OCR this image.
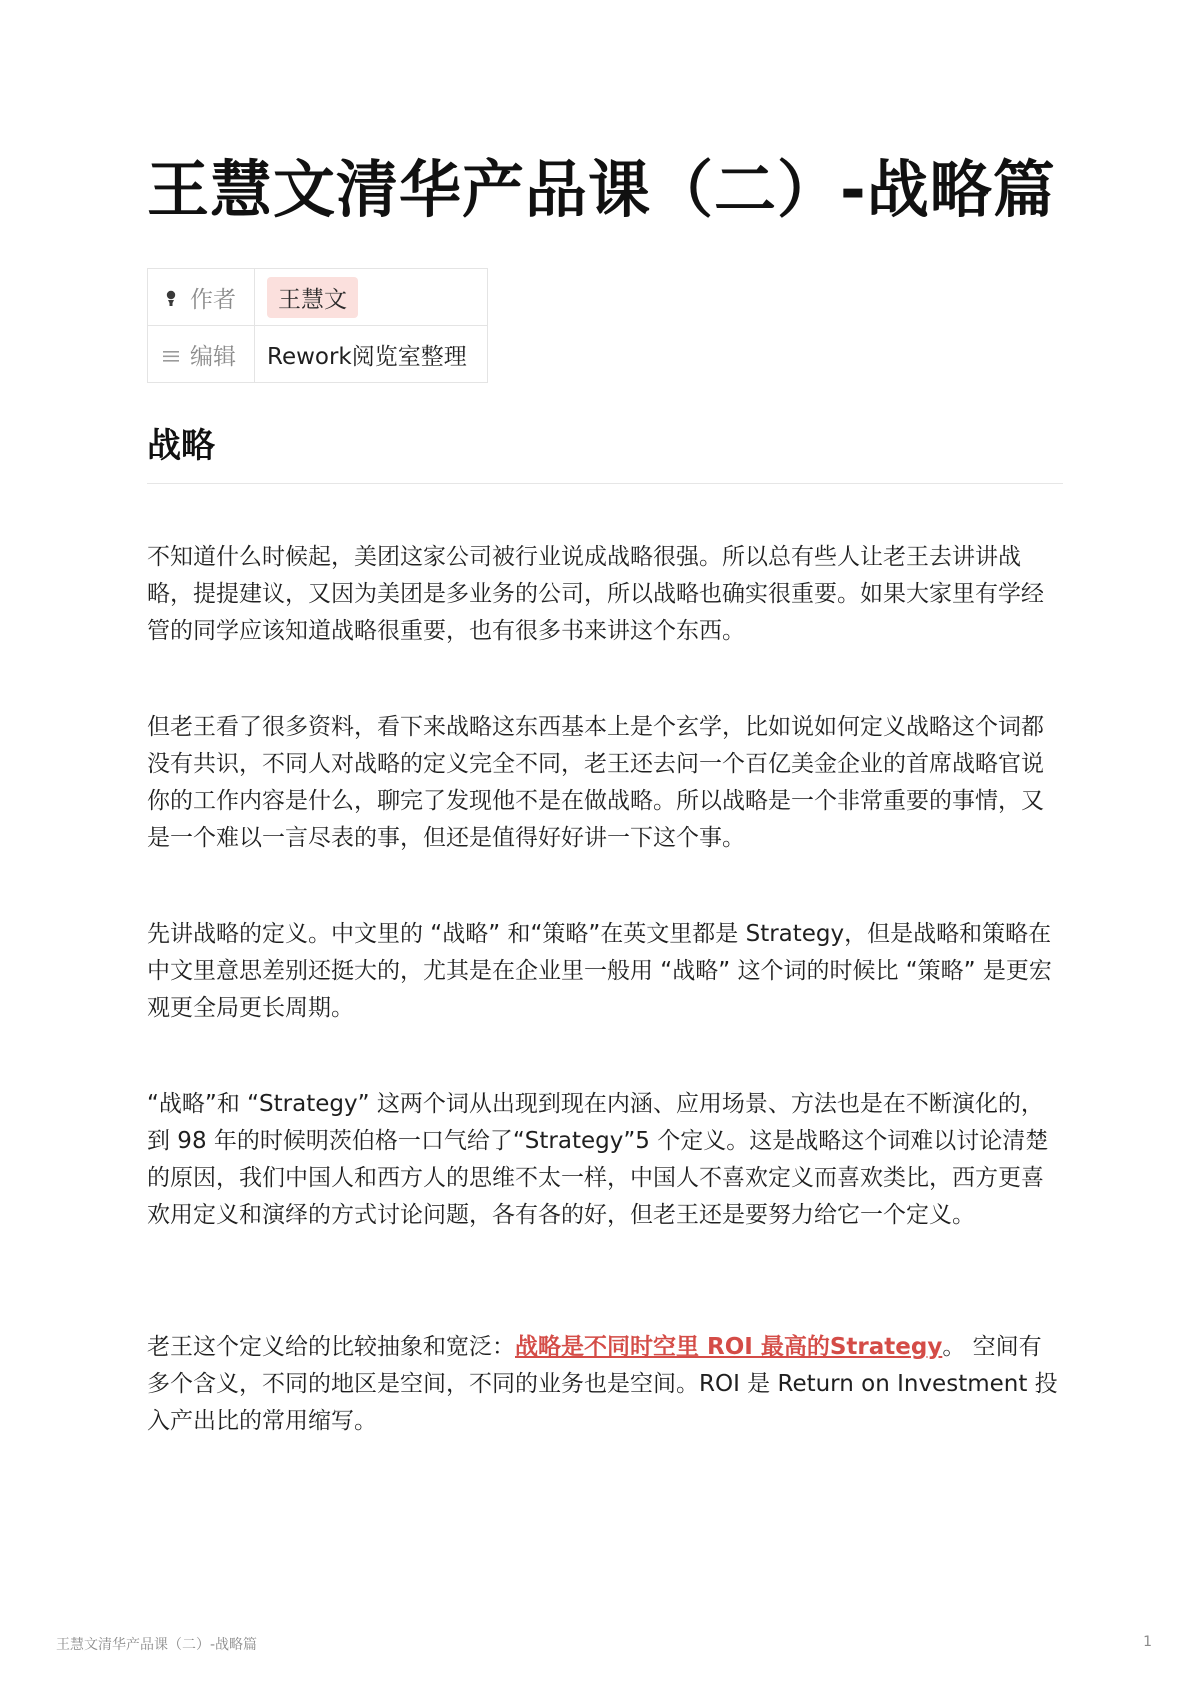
王慧文清华产品课（二）-战略篇
作者	王慧文
编辑	Rework阅览室整理
战略

不知道什么时候起，美团这家公司被行业说成战略很强。所以总有些人让老王去讲讲战略，提提建议，又因为美团是多业务的公司，所以战略也确实很重要。如果大家里有学经管的同学应该知道战略很重要，也有很多书来讲这个东西。

但老王看了很多资料，看下来战略这东西基本上是个玄学，比如说如何定义战略这个词都没有共识，不同人对战略的定义完全不同，老王还去问一个百亿美金企业的首席战略官说你的工作内容是什么，聊完了发现他不是在做战略。所以战略是一个非常重要的事情，又是一个难以一言尽表的事，但还是值得好好讲一下这个事。

先讲战略的定义。中文里的 “战略” 和“策略”在英文里都是 Strategy，但是战略和策略在中文里意思差别还挺大的，尤其是在企业里一般用 “战略” 这个词的时候比 “策略” 是更宏观更全局更长周期。

“战略”和 “Strategy” 这两个词从出现到现在内涵、应用场景、方法也是在不断演化的，到 98 年的时候明茨伯格一口气给了“Strategy”5 个定义。这是战略这个词难以讨论清楚的原因，我们中国人和西方人的思维不太一样，中国人不喜欢定义而喜欢类比，西方更喜欢用定义和演绎的方式讨论问题，各有各的好，但老王还是要努力给它一个定义。

老王这个定义给的比较抽象和宽泛：战略是不同时空里 ROI 最高的Strategy。 空间有多个含义，不同的地区是空间，不同的业务也是空间。ROI 是 Return on Investment 投入产出比的常用缩写。

王慧文清华产品课（二）-战略篇	1
